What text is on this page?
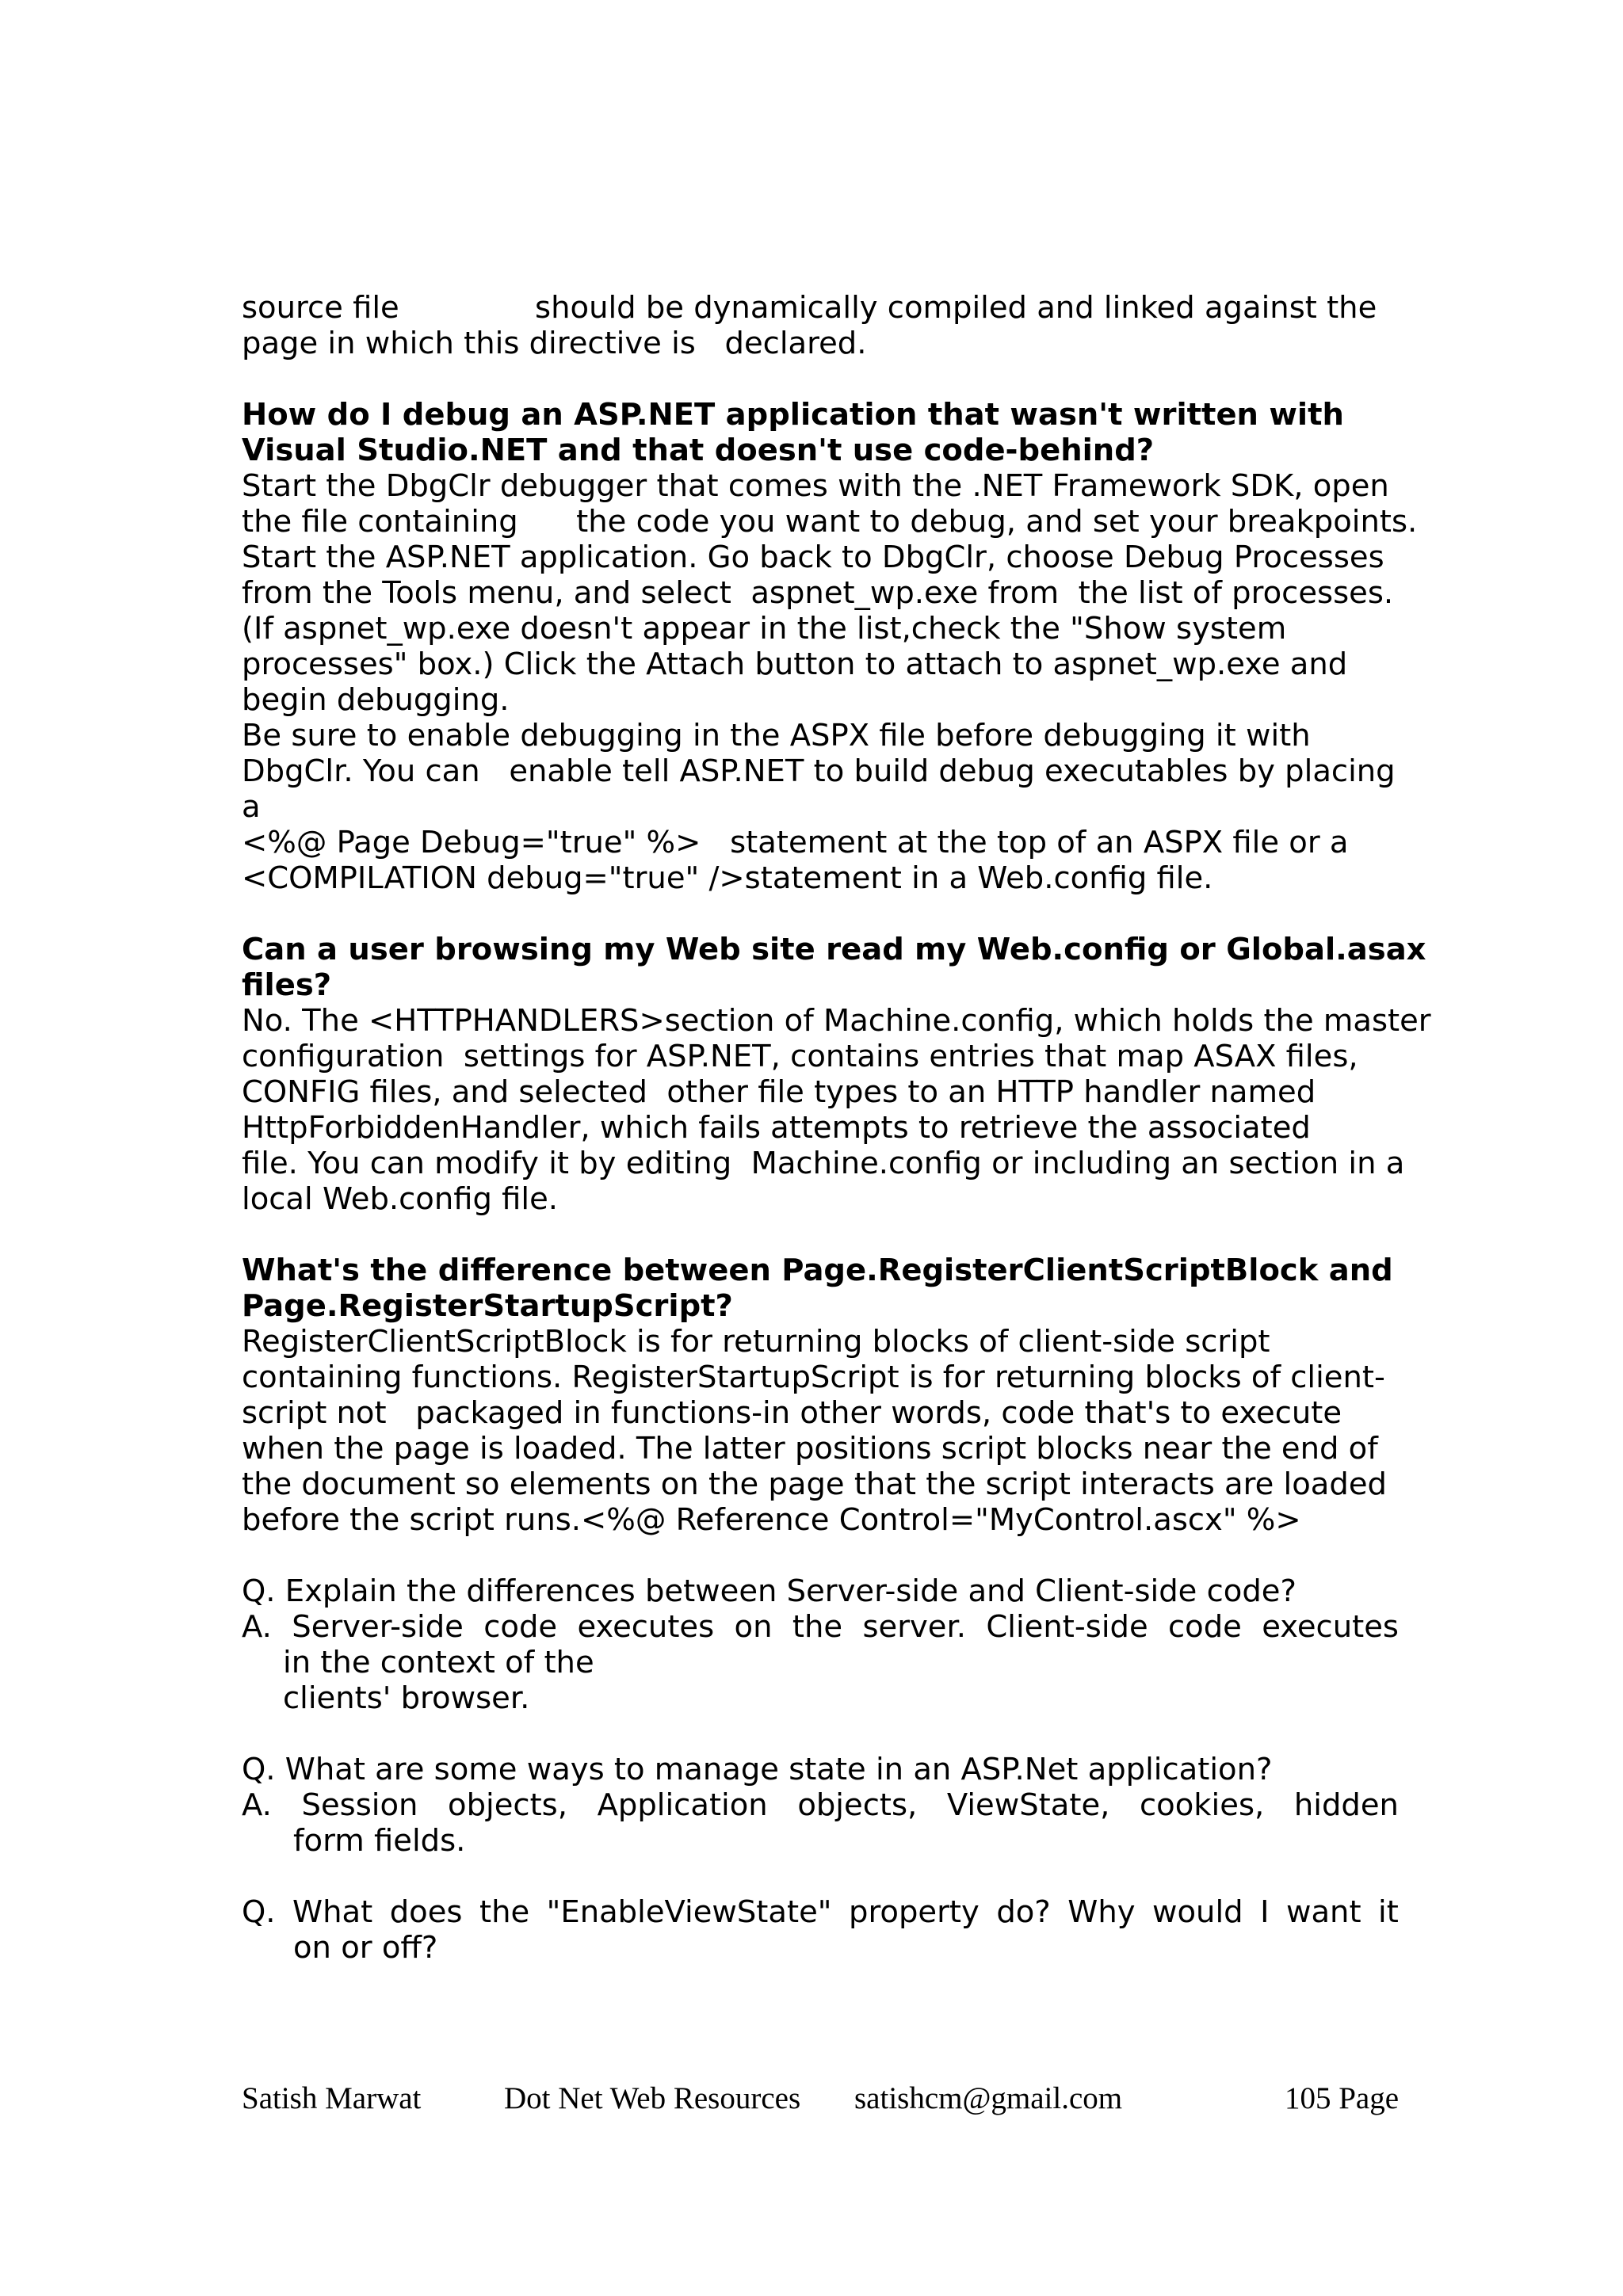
source file              should be dynamically compiled and linked against the
page in which this directive is   declared.
How do I debug an ASP.NET application that wasn't written with
Visual Studio.NET and that doesn't use code-behind?
Start the DbgClr debugger that comes with the .NET Framework SDK, open
the file containing      the code you want to debug, and set your breakpoints.
Start the ASP.NET application. Go back to DbgClr, choose Debug Processes
from the Tools menu, and select  aspnet_wp.exe from  the list of processes.
(If aspnet_wp.exe doesn't appear in the list,check the "Show system
processes" box.) Click the Attach button to attach to aspnet_wp.exe and
begin debugging.
Be sure to enable debugging in the ASPX file before debugging it with
DbgClr. You can   enable tell ASP.NET to build debug executables by placing
a
<%@ Page Debug="true" %>   statement at the top of an ASPX file or a
<COMPILATION debug="true" />statement in a Web.config file.
Can a user browsing my Web site read my Web.config or Global.asax
files?
No. The <HTTPHANDLERS>section of Machine.config, which holds the master
configuration  settings for ASP.NET, contains entries that map ASAX files,
CONFIG files, and selected  other file types to an HTTP handler named
HttpForbiddenHandler, which fails attempts to retrieve the associated
file. You can modify it by editing  Machine.config or including an section in a
local Web.config file.
What's the difference between Page.RegisterClientScriptBlock and
Page.RegisterStartupScript?
RegisterClientScriptBlock is for returning blocks of client-side script
containing functions. RegisterStartupScript is for returning blocks of client-
script not   packaged in functions-in other words, code that's to execute
when the page is loaded. The latter positions script blocks near the end of
the document so elements on the page that the script interacts are loaded
before the script runs.<%@ Reference Control="MyControl.ascx" %>
Q. Explain the differences between Server-side and Client-side code?
A. Server-side code executes on the server. Client-side code executes
in the context of the
clients' browser.
Q. What are some ways to manage state in an ASP.Net application?
A. Session objects, Application objects, ViewState, cookies, hidden
form fields.
Q. What does the "EnableViewState" property do? Why would I want it
on or off?
Satish Marwat	Dot Net Web Resources satishcm@gmail.com	105 Page
